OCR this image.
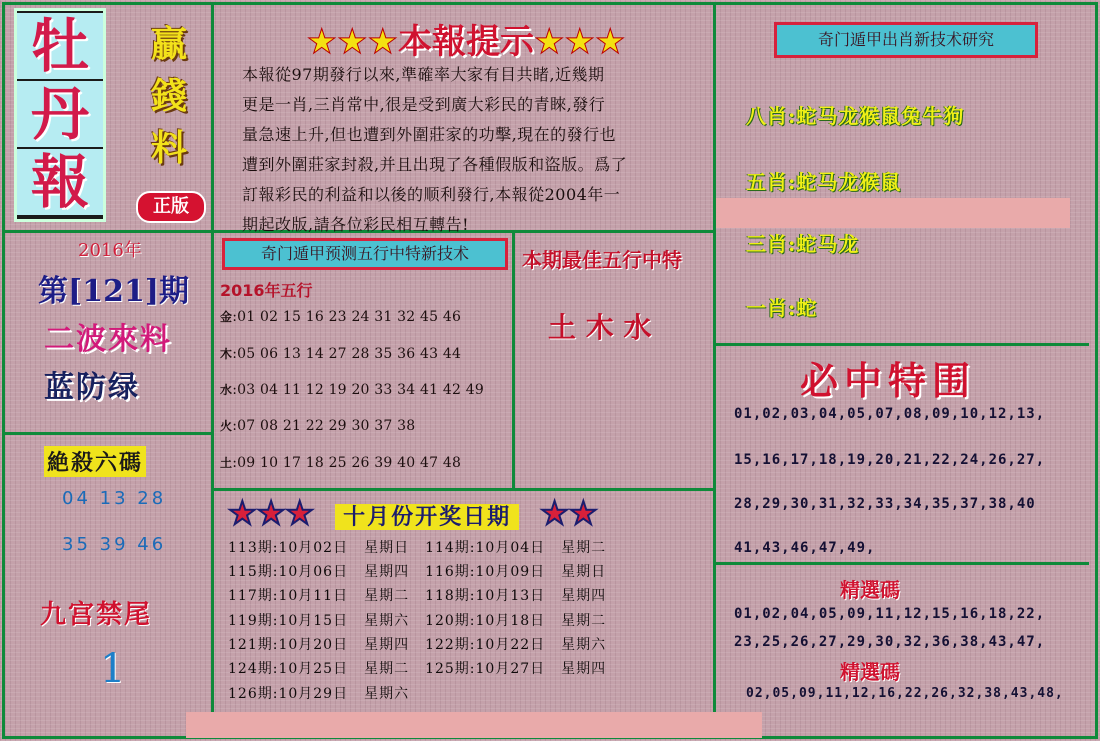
牡
丹
報
贏
錢
料
正版
★★★本報提示★★★
本報從97期發行以來,準確率大家有目共睹,近幾期
更是一肖,三肖常中,很是受到廣大彩民的青睞,發行
量急速上升,但也遭到外圍莊家的功擊,現在的發行也
遭到外圍莊家封殺,并且出現了各種假版和盜版。爲了
訂報彩民的利益和以後的顺利發行,本報從2004年一
期起改版,請各位彩民相互轉告!
2016年
第[121]期
二波來料
蓝防绿
絶殺六碼
04 13 28
35 39 46
九宫禁尾
1
奇门遁甲预测五行中特新技术
2016年五行
金:01 02 15 16 23 24 31 32 45 46
木:05 06 13 14 27 28 35 36 43 44
水:03 04 11 12 19 20 33 34 41 42 49
火:07 08 21 22 29 30 37 38
土:09 10 17 18 25 26 39 40 47 48
本期最佳五行中特
土 木 水
奇门遁甲出肖新技术研究
八肖:蛇马龙猴鼠兔牛狗
五肖:蛇马龙猴鼠
三肖:蛇马龙
一肖:蛇
必中特围
01,02,03,04,05,07,08,09,10,12,13,
15,16,17,18,19,20,21,22,24,26,27,
28,29,30,31,32,33,34,35,37,38,40
41,43,46,47,49,
精選碼
01,02,04,05,09,11,12,15,16,18,22,
23,25,26,27,29,30,32,36,38,43,47,
精選碼
02,05,09,11,12,16,22,26,32,38,43,48,
★★★ 十月份开奖日期 ★★
113期:10月02日 星期日 114期:10月04日 星期二
115期:10月06日 星期四 116期:10月09日 星期日
117期:10月11日 星期二 118期:10月13日 星期四
119期:10月15日 星期六 120期:10月18日 星期二
121期:10月20日 星期四 122期:10月22日 星期六
124期:10月25日 星期二 125期:10月27日 星期四
126期:10月29日 星期六
